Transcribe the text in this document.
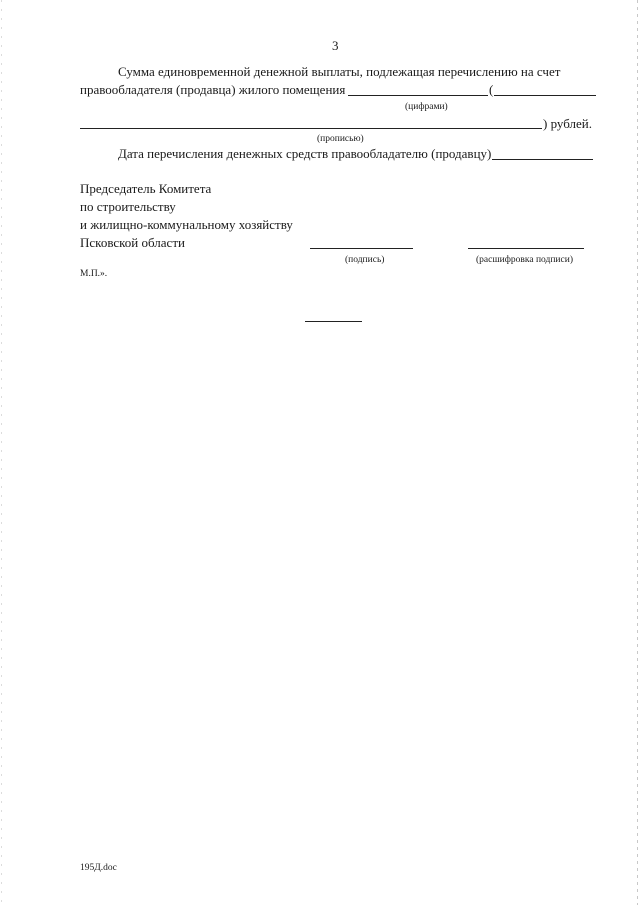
3
Сумма единовременной денежной выплаты, подлежащая перечислению на счет
правообладателя (продавца) жилого помещения	(
(цифрами)
) рублей.
(прописью)
Дата перечисления денежных средств правообладателю (продавцу)
Председатель Комитета
по строительству
и жилищно-коммунальному хозяйству
Псковской области
(подпись)	(расшифровка подписи)
М.П.».
195Д.doc
